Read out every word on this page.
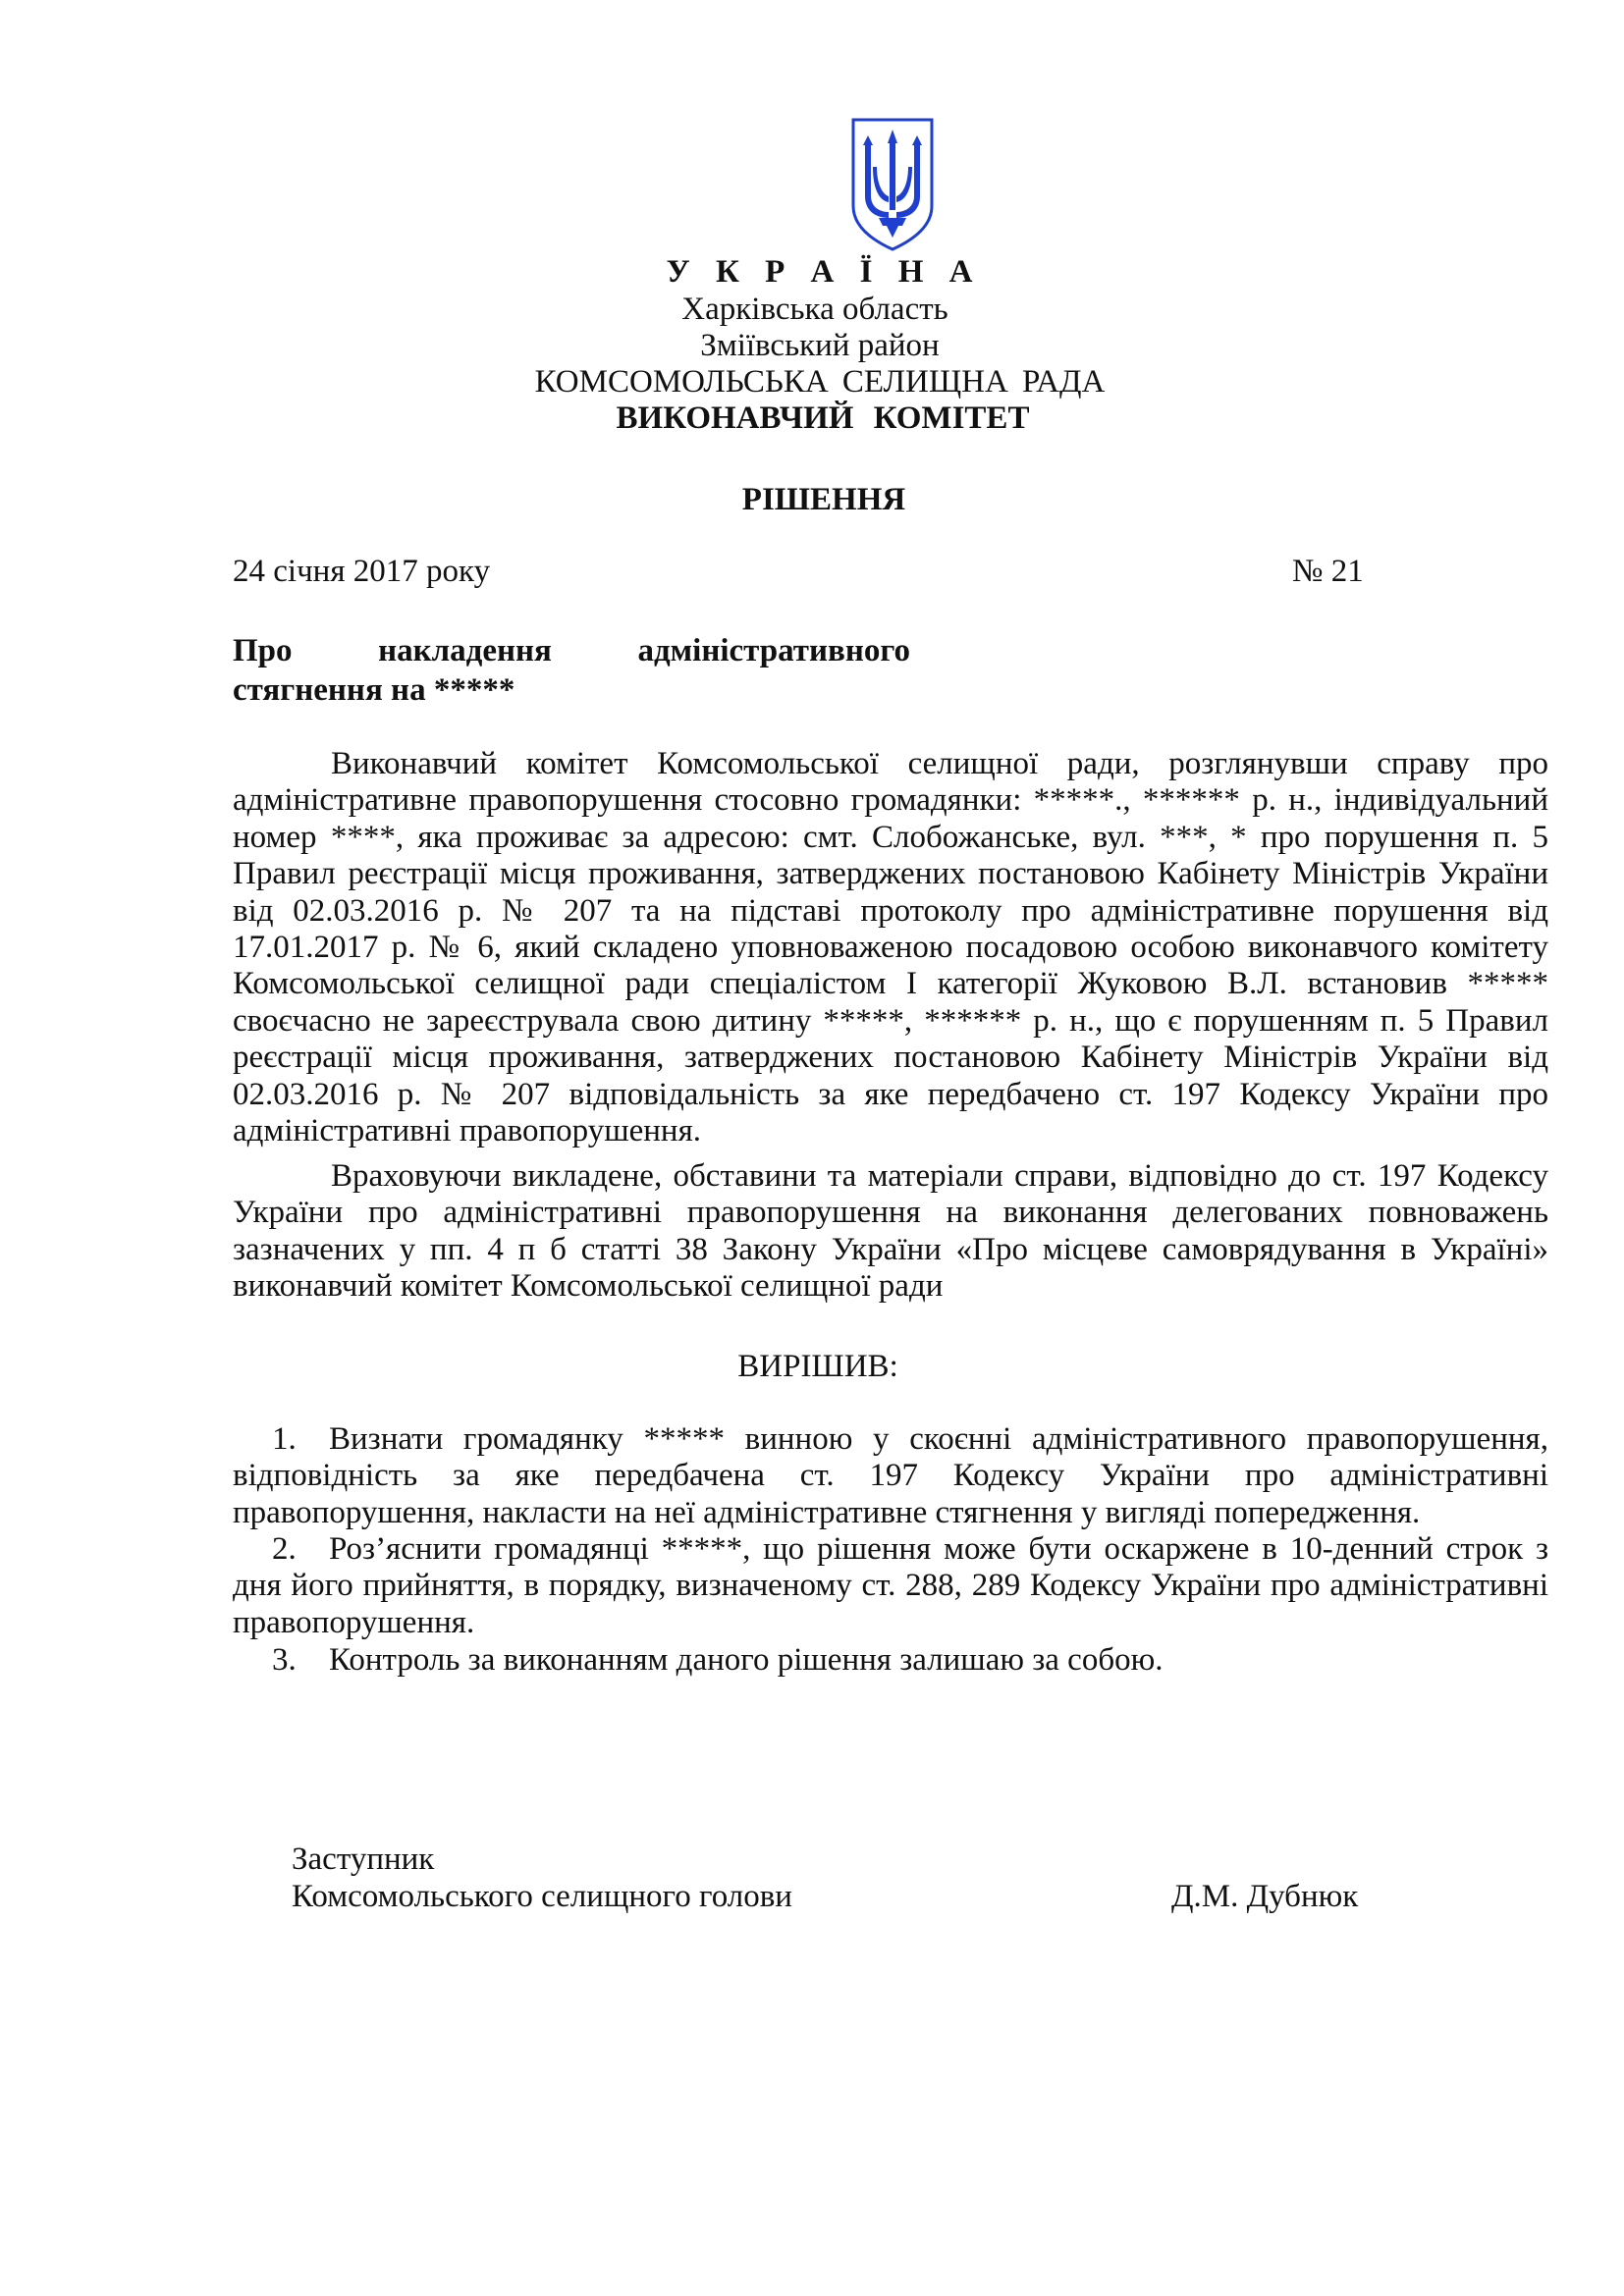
У К Р А Ї Н А

Харківська область

Зміївський район

КОМСОМОЛЬСЬКА СЕЛИЩНА РАДА

ВИКОНАВЧИЙ КОМІТЕТ

РІШЕННЯ

24 січня 2017 року	№ 21
Про накладення адміністративного
стягнення на *****

Виконавчий комітет Комсомольської селищної ради, розглянувши справу про адміністративне правопорушення стосовно громадянки: *****., ****** р. н., індивідуальний номер ****, яка проживає за адресою: смт. Слобожанське, вул. ***, * про порушення п. 5 Правил реєстрації місця проживання, затверджених постановою Кабінету Міністрів України від 02.03.2016 р. № 207 та на підставі протоколу про адміністративне порушення від 17.01.2017 р. № 6, який складено уповноваженою посадовою особою виконавчого комітету Комсомольської селищної ради спеціалістом І категорії Жуковою В.Л. встановив ***** своєчасно не зареєструвала свою дитину *****, ****** р. н., що є порушенням п. 5 Правил реєстрації місця проживання, затверджених постановою Кабінету Міністрів України від 02.03.2016 р. № 207 відповідальність за яке передбачено ст. 197 Кодексу України про адміністративні правопорушення.

Враховуючи викладене, обставини та матеріали справи, відповідно до ст. 197 Кодексу України про адміністративні правопорушення на виконання делегованих повноважень зазначених у пп. 4 п б статті 38 Закону України «Про місцеве самоврядування в Україні» виконавчий комітет Комсомольської селищної ради

ВИРІШИВ:

1. Визнати громадянку ***** винною у скоєнні адміністративного правопорушення, відповідність за яке передбачена ст. 197 Кодексу України про адміністративні правопорушення, накласти на неї адміністративне стягнення у вигляді попередження.

2. Роз’яснити громадянці *****, що рішення може бути оскаржене в 10-денний строк з дня його прийняття, в порядку, визначеному ст. 288, 289 Кодексу України про адміністративні правопорушення.

3. Контроль за виконанням даного рішення залишаю за собою.

Заступник
Комсомольського селищного голови	Д.М. Дубнюк
